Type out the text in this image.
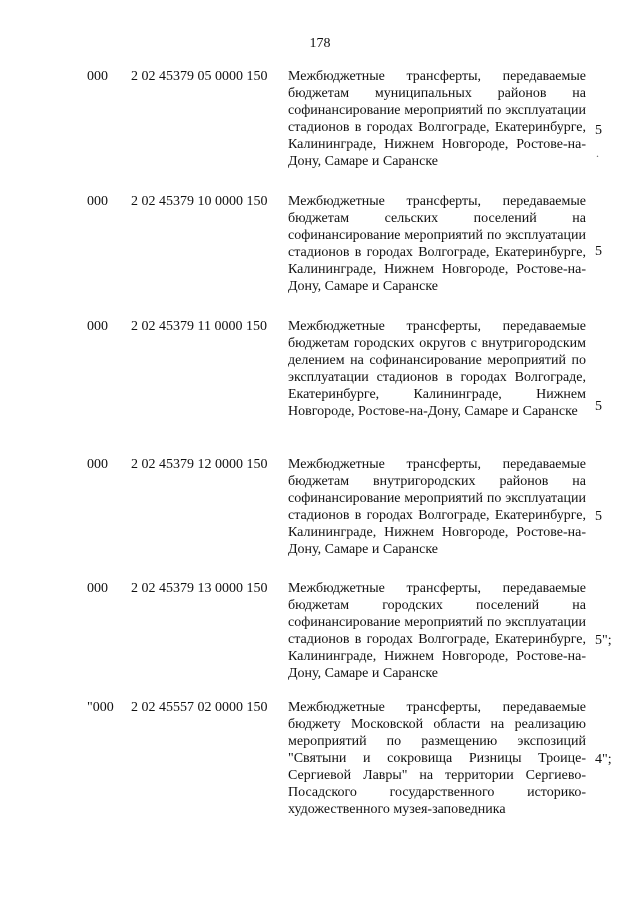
178
000 2 02 45379 05 0000 150 Межбюджетные трансферты, передаваемые бюджетам муниципальных районов на софинансирование мероприятий по эксплуатации стадионов в городах Волгограде, Екатеринбурге, Калининграде, Нижнем Новгороде, Ростове-на-Дону, Самаре и Саранске
5
000 2 02 45379 10 0000 150 Межбюджетные трансферты, передаваемые бюджетам сельских поселений на софинансирование мероприятий по эксплуатации стадионов в городах Волгограде, Екатеринбурге, Калининграде, Нижнем Новгороде, Ростове-на-Дону, Самаре и Саранске
5
000 2 02 45379 11 0000 150 Межбюджетные трансферты, передаваемые бюджетам городских округов с внутригородским делением на софинансирование мероприятий по эксплуатации стадионов в городах Волгограде, Екатеринбурге, Калининграде, Нижнем Новгороде, Ростове-на-Дону, Самаре и Саранске	5
000 2 02 45379 12 0000 150 Межбюджетные трансферты, передаваемые бюджетам внутригородских районов на софинансирование мероприятий по эксплуатации стадионов в городах Волгограде, Екатеринбурге, Калининграде, Нижнем Новгороде, Ростове-на-Дону, Самаре и Саранске
5
000 2 02 45379 13 0000 150 Межбюджетные трансферты, передаваемые бюджетам городских поселений на софинансирование мероприятий по эксплуатации стадионов в городах Волгограде, Екатеринбурге, Калининграде, Нижнем Новгороде, Ростове-на-Дону, Самаре и Саранске
5";
"000 2 02 45557 02 0000 150 Межбюджетные трансферты, передаваемые бюджету Московской области на реализацию мероприятий по размещению экспозиций "Святыни и сокровища Ризницы Троице-Сергиевой Лавры" на территории Сергиево-Посадского государственного историко-художественного музея-заповедника
4";
.
